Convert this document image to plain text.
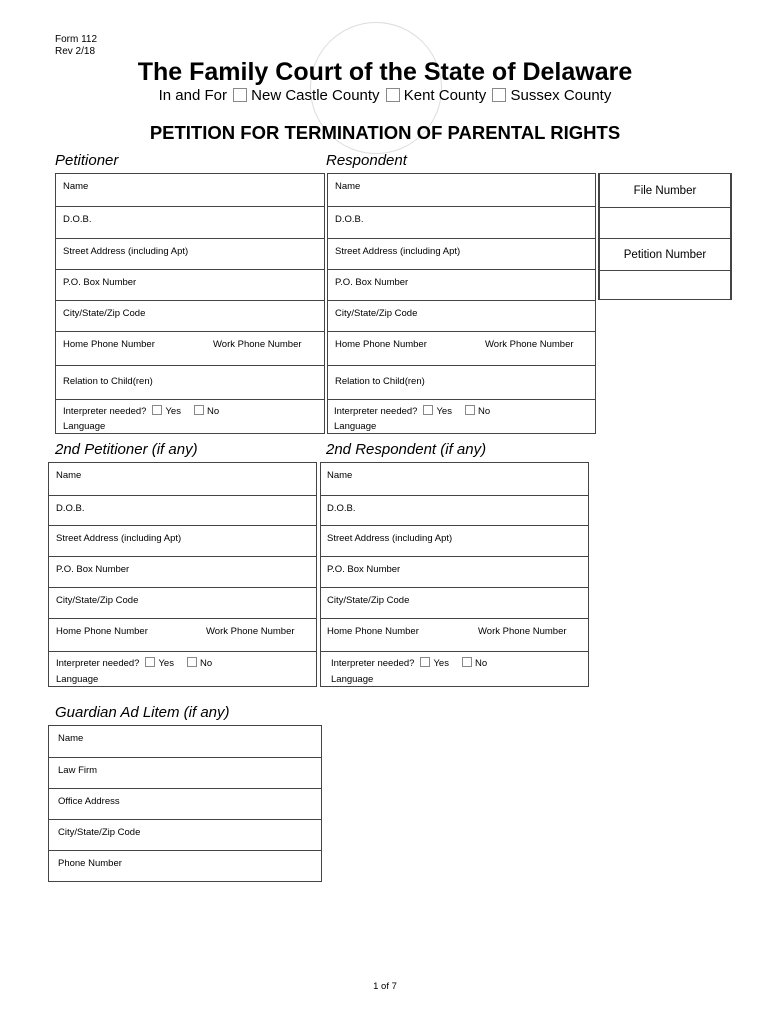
Form 112
Rev 2/18
The Family Court of the State of Delaware
In and For New Castle County Kent County Sussex County
PETITION FOR TERMINATION OF PARENTAL RIGHTS
Petitioner	Respondent
Name
D.O.B.
Street Address (including Apt)
P.O. Box Number
City/State/Zip Code
Home Phone Number	Work Phone Number
Relation to Child(ren)
Interpreter needed? Yes	No
Language
Name
D.O.B.
Street Address (including Apt)
P.O. Box Number
City/State/Zip Code
Home Phone Number	Work Phone Number
Relation to Child(ren)
Interpreter needed? Yes	No
Language
File Number
Petition Number
2nd Petitioner (if any)	2nd Respondent (if any)
Name
D.O.B.
Street Address (including Apt)
P.O. Box Number
City/State/Zip Code
Home Phone Number	Work Phone Number
Interpreter needed? Yes	No
Language
Name
D.O.B.
Street Address (including Apt)
P.O. Box Number
City/State/Zip Code
Home Phone Number	Work Phone Number
Interpreter needed? Yes	No
Language
Guardian Ad Litem (if any)
Name
Law Firm
Office Address
City/State/Zip Code
Phone Number
1 of 7
